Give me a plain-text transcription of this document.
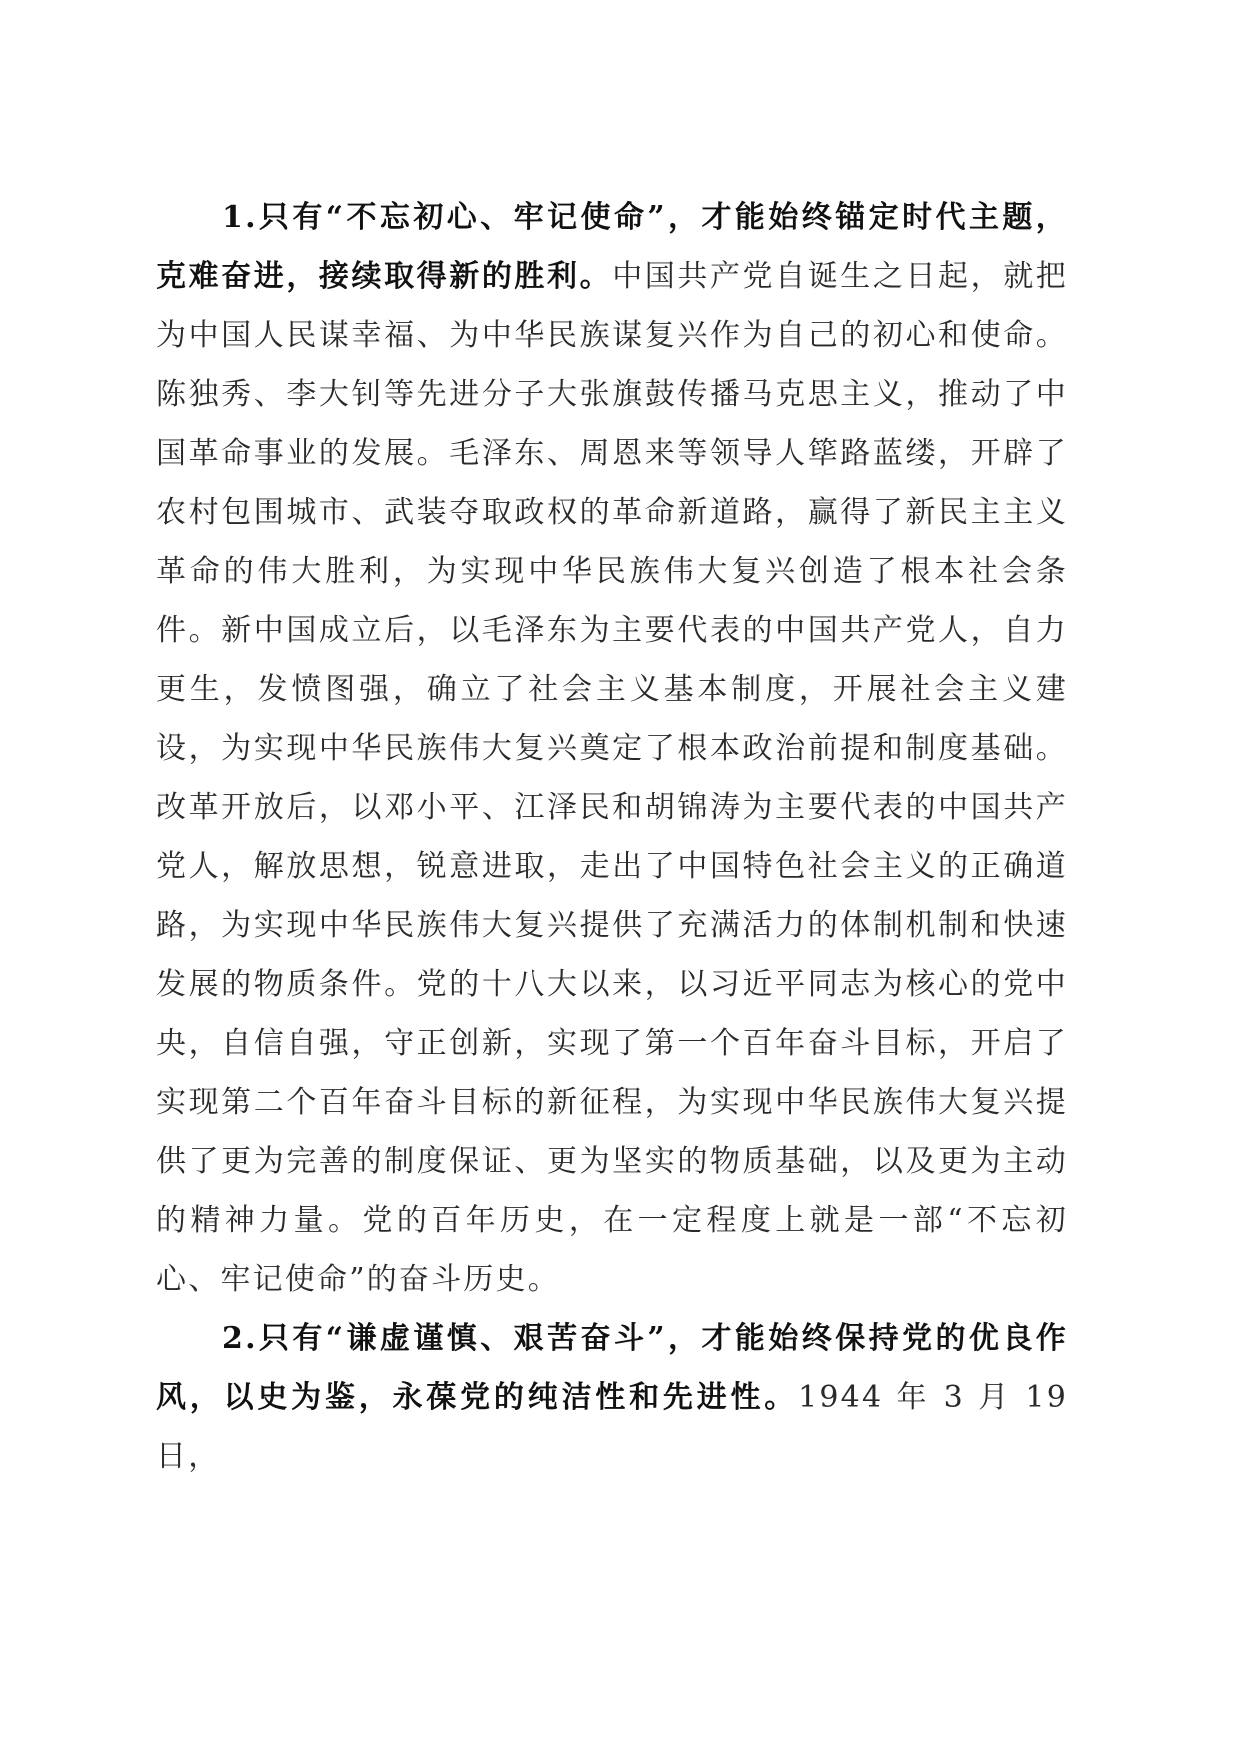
1.只有“不忘初心、牢记使命”，才能始终锚定时代主题，克难奋进，接续取得新的胜利。中国共产党自诞生之日起，就把为中国人民谋幸福、为中华民族谋复兴作为自己的初心和使命。陈独秀、李大钊等先进分子大张旗鼓传播马克思主义，推动了中国革命事业的发展。毛泽东、周恩来等领导人筚路蓝缕，开辟了农村包围城市、武装夺取政权的革命新道路，赢得了新民主主义革命的伟大胜利，为实现中华民族伟大复兴创造了根本社会条件。新中国成立后，以毛泽东为主要代表的中国共产党人，自力更生，发愤图强，确立了社会主义基本制度，开展社会主义建设，为实现中华民族伟大复兴奠定了根本政治前提和制度基础。改革开放后，以邓小平、江泽民和胡锦涛为主要代表的中国共产党人，解放思想，锐意进取，走出了中国特色社会主义的正确道路，为实现中华民族伟大复兴提供了充满活力的体制机制和快速发展的物质条件。党的十八大以来，以习近平同志为核心的党中央，自信自强，守正创新，实现了第一个百年奋斗目标，开启了实现第二个百年奋斗目标的新征程，为实现中华民族伟大复兴提供了更为完善的制度保证、更为坚实的物质基础，以及更为主动的精神力量。党的百年历史，在一定程度上就是一部“不忘初心、牢记使命”的奋斗历史。

2.只有“谦虚谨慎、艰苦奋斗”，才能始终保持党的优良作风，以史为鉴，永葆党的纯洁性和先进性。1944 年 3 月 19 日，
